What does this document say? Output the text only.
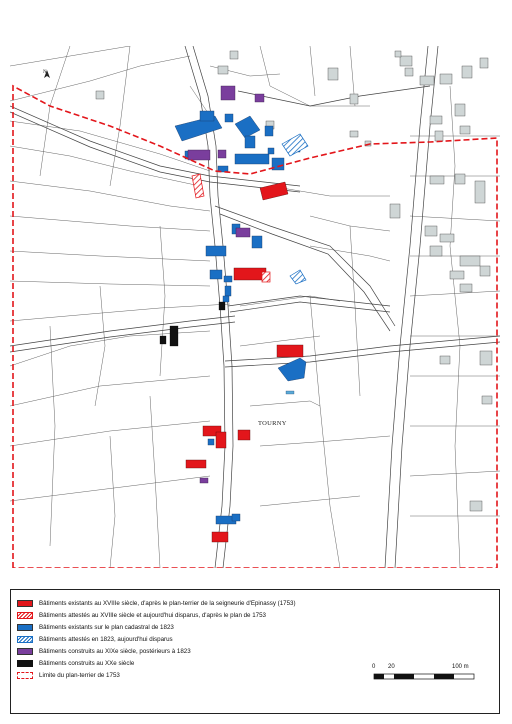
TOURNY
N
Bâtiments existants au XVIIIe siècle, d'après le plan-terrier de la seigneurie d'Epinassy (1753)
Bâtiments attestés au XVIIIe siècle et aujourd'hui disparus, d'après le plan de 1753
Bâtiments existants sur le plan cadastral de 1823
Bâtiments attestés en 1823, aujourd'hui disparus
Bâtiments construits au XIXe siècle, postérieurs à 1823
Bâtiments construits au XXe siècle
Limite du plan-terrier de 1753
0 20	100 m
